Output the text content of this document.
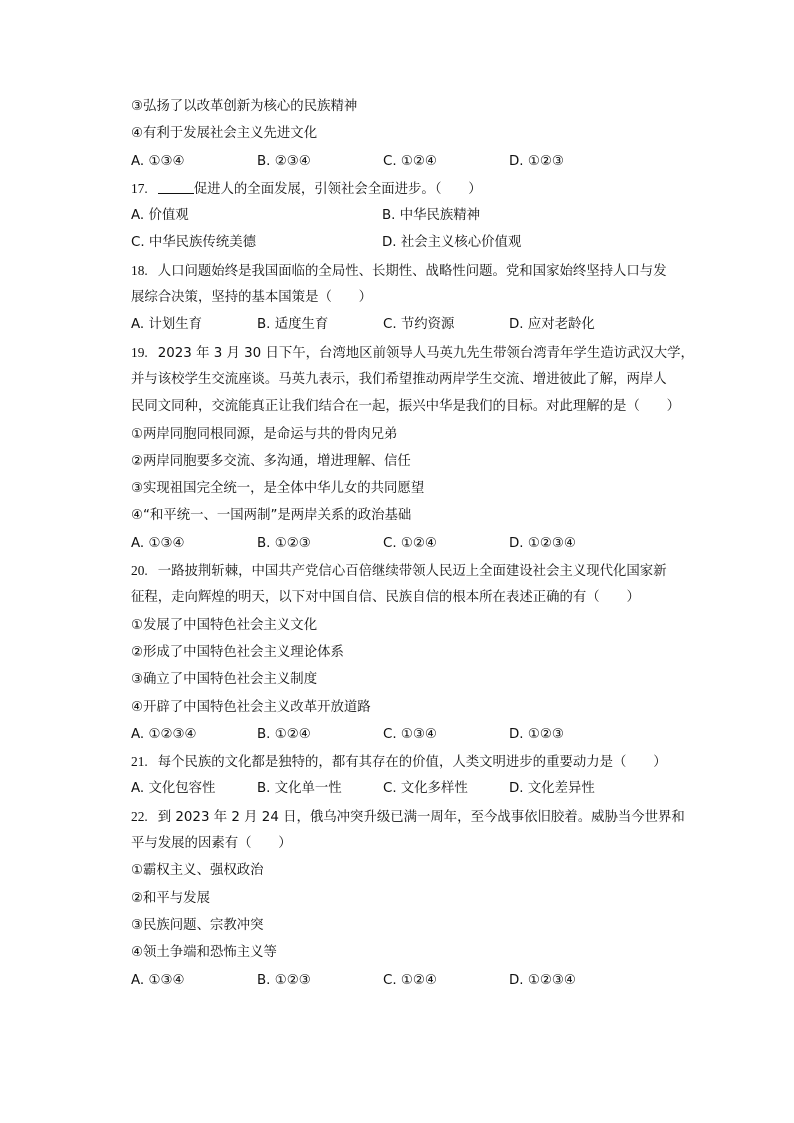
③弘扬了以改革创新为核心的民族精神
④有利于发展社会主义先进文化
A. ①③④	B. ②③④	C. ①②④	D. ①②③
17.	促进人的全面发展，引领社会全面进步。（　　）
A. 价值观	B. 中华民族精神
C. 中华民族传统美德	D. 社会主义核心价值观
18. 人口问题始终是我国面临的全局性、长期性、战略性问题。党和国家始终坚持人口与发
展综合决策，坚持的基本国策是（　　）
A. 计划生育	B. 适度生育	C. 节约资源	D. 应对老龄化
19. 2023 年 3 月 30 日下午，台湾地区前领导人马英九先生带领台湾青年学生造访武汉大学，
并与该校学生交流座谈。马英九表示，我们希望推动两岸学生交流、增进彼此了解，两岸人
民同文同种，交流能真正让我们结合在一起，振兴中华是我们的目标。对此理解的是（　　）
①两岸同胞同根同源，是命运与共的骨肉兄弟
②两岸同胞要多交流、多沟通，增进理解、信任
③实现祖国完全统一，是全体中华儿女的共同愿望
④“和平统一、一国两制”是两岸关系的政治基础
A. ①③④	B. ①②③	C. ①②④	D. ①②③④
20. 一路披荆斩棘，中国共产党信心百倍继续带领人民迈上全面建设社会主义现代化国家新
征程，走向辉煌的明天，以下对中国自信、民族自信的根本所在表述正确的有（　　）
①发展了中国特色社会主义文化
②形成了中国特色社会主义理论体系
③确立了中国特色社会主义制度
④开辟了中国特色社会主义改革开放道路
A. ①②③④	B. ①②④	C. ①③④	D. ①②③
21. 每个民族的文化都是独特的，都有其存在的价值，人类文明进步的重要动力是（　　）
A. 文化包容性	B. 文化单一性	C. 文化多样性	D. 文化差异性
22. 到 2023 年 2 月 24 日，俄乌冲突升级已满一周年，至今战事依旧胶着。威胁当今世界和
平与发展的因素有（　　）
①霸权主义、强权政治
②和平与发展
③民族问题、宗教冲突
④领土争端和恐怖主义等
A. ①③④	B. ①②③	C. ①②④	D. ①②③④
